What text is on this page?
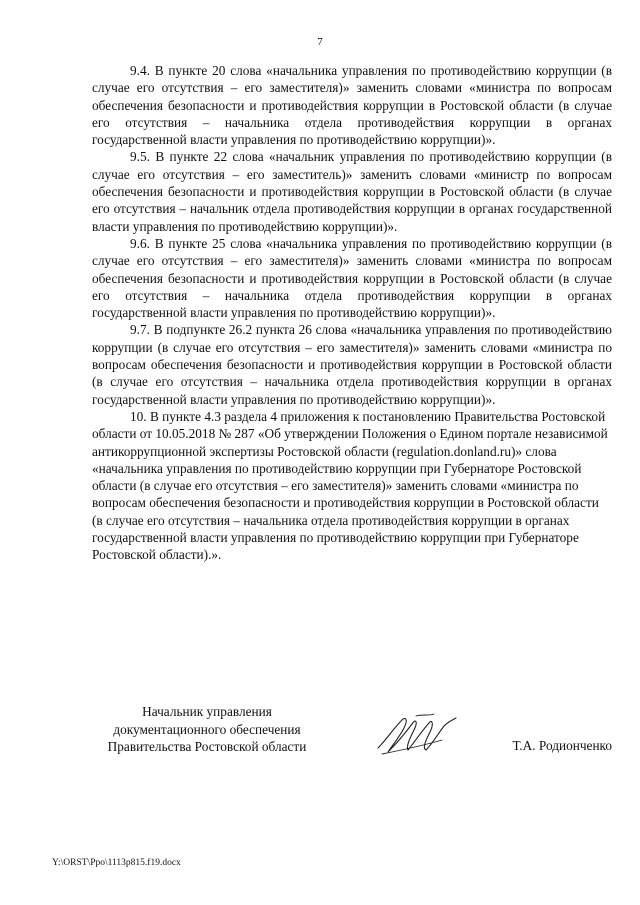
7

9.4. В пункте 20 слова «начальника управления по противодействию коррупции (в случае его отсутствия – его заместителя)» заменить словами «министра по вопросам обеспечения безопасности и противодействия коррупции в Ростовской области (в случае его отсутствия – начальника отдела противодействия коррупции в органах государственной власти управления по противодействию коррупции)».

9.5. В пункте 22 слова «начальник управления по противодействию коррупции (в случае его отсутствия – его заместитель)» заменить словами «министр по вопросам обеспечения безопасности и противодействия коррупции в Ростовской области (в случае его отсутствия – начальник отдела противодействия коррупции в органах государственной власти управления по противодействию коррупции)».

9.6. В пункте 25 слова «начальника управления по противодействию коррупции (в случае его отсутствия – его заместителя)» заменить словами «министра по вопросам обеспечения безопасности и противодействия коррупции в Ростовской области (в случае его отсутствия – начальника отдела противодействия коррупции в органах государственной власти управления по противодействию коррупции)».

9.7. В подпункте 26.2 пункта 26 слова «начальника управления по противодействию коррупции (в случае его отсутствия – его заместителя)» заменить словами «министра по вопросам обеспечения безопасности и противодействия коррупции в Ростовской области (в случае его отсутствия – начальника отдела противодействия коррупции в органах государственной власти управления по противодействию коррупции)».

10. В пункте 4.3 раздела 4 приложения к постановлению Правительства Ростовской области от 10.05.2018 № 287 «Об утверждении Положения о Едином портале независимой антикоррупционной экспертизы Ростовской области (regulation.donland.ru)» слова «начальника управления по противодействию коррупции при Губернаторе Ростовской области (в случае его отсутствия – его заместителя)» заменить словами «министра по вопросам обеспечения безопасности и противодействия коррупции в Ростовской области (в случае его отсутствия – начальника отдела противодействия коррупции в органах государственной власти управления по противодействию коррупции при Губернаторе Ростовской области).».

Начальник управления
документационного обеспечения
Правительства Ростовской области	Т.А. Родионченко
Y:\ORST\Ppo\1113p815.f19.docx
